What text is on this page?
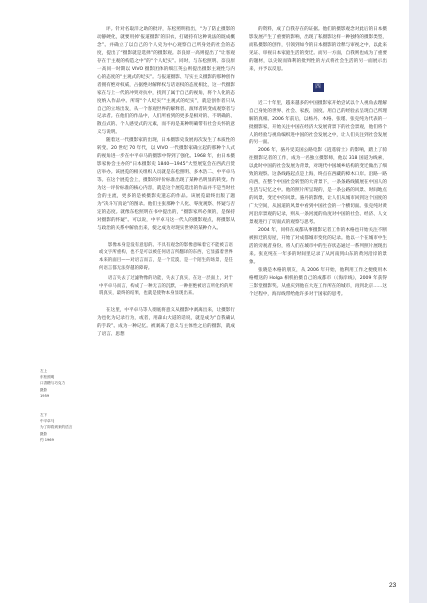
评。针对名取洋之助的批评，东松照明指出，“为了防止摄影的动静硬化，就要用掉‘报道摄影’的旧衣，打破持有这种说法的既成概念”。并确立了以自己的个人史为中心观察自己所身处的社会的态度，提出了“摄影就是选择”的摄影观。奈良原一高则提出了“让客观存在于主观的构造之中”的“个人纪实”。同时，与东松照明、奈良原一高同一时期以 VIVO 摄影团体的细江英公则提出摄影主观性与内心的态度的“主观式的纪实”。与报道摄影、写实主义摄影的那种创作者拥有绝对权威，占据绝对解释权与话语权的态度相比，这一代摄影家在与上一代的冲突对抗中，找到了属于自己的视角，将个人化的态度纳入作品中。所谓“个人纪实”“主观式的纪实”，就是创作者只从自己的立场出发，从一个客观世界的解释者、演绎者转变成观察者与记录者。在他们的作品中，人们所看到的更多是相对的、不明确的、散点式的、个人感受式的元素，而不再是某种明确带有社会关怀的意义与说明。

随着这一代摄影家的出现，日本摄影史发展再次发生了本质性的转变。20 世纪 70 年代，以 VIVO 一代摄影家确立起的那种个人式的视角进一步在中平卓马的摄影中得到了强化。1968 年，由日本摄影家协会主办的“日本摄影史 1840—1945”大型展览会在西武百货店举办。该展览的相关组织人员就是东松照明、多木浩二、中平卓马等。在这个展览会上，摄影的评价标准出现了某种名明显的转变。作为这一评价标准的核心内容，就是这个展览选出的作品并不是当时社会的主流，更多的是被摄影史遗忘的作品。该展览最终出版了题为“决斗写真论”的图录。他们主张那种个人化、零度观察、怀疑与否定的态度。就像东松照明在书中提出的，“摄影家所必须的，是保持对摄影的怀疑”。可以说，中平卓马这一代人的摄影观点，将摄影从与政治的关系中解放出来，使之成为对现实世界的某种介入。

影像本身是没有意思的。不具有观念的影像意味着它不能被言语或文字所重构，也不是可以被任何语言所翻译的东西，它显露着世界本来的面目——对语言而言，是一个荒漠，是一个陌生的场景，是任何语言都无法穿越的障碍。

语言失去了过滤物像的功能，失去了真实，在这一层面上，对于中平卓马而言，构成了一种无言的沉默，一种拒绝被语言所化约的所谓真实，最终的结果，也就是使物本身显现出来。

在这里，中平卓马等人彻底将意义从摄影中剥离出来，让摄影行为也化为记录行为，或者，用森山大道的话说，就是成为“自我确认的手段”。成为一种记忆。被剥离了意义与主体性之后的摄影，就成了语言、思想

左上
东松照明
口香糖与巧克力
摄影
1959
左下
中平卓马
为了即将到来的语言
摄影
约 1969

的资料，成了自我存在的证据。他们的摄影观念对此后的日本摄影发展产生了重要的影响，出现了私摄影这样一种独特的摄影类型，而私摄影的创作，引领到如今的日本摄影的诠释与审视之中，以此来见证、审视日本家庭生活的变迁。而另一方面，自我则也成为了重要的题材，以尖锐而锋利的批判性的方式将社会生活的另一面展示出来，并予以反思。

四

近二十年里，越来越多的中国摄影家开始尝试以个人视角去理解自己身处的世界、社会、家族、国度。用自己的经验去呈现自己所理解的真相。2006 年前后，以杨丹、木格、张瑾、张克纯为代表的一批摄影家，开始关注中国在经济大发展背景下的社会景观，他们将个人的经验与视角编织进中国的社会发展之中，让人们关注到社会发展的另一面。

2006 年，骆丹受美国公路电影《逍遥骑士》的影响，踏上了骑往摄影记者的工作，成为一名独立摄影师，他以 318 国道为线索，以此时中国的社会发展为背景，对现代中国城乡结构的变迁做出了细致的观察。这条线路起点是上海，终点在西藏的樟木口岸。沿路一路向西，在整个中国社会转型的大背景下，一条条路线铺展在中国人的生活与记忆之中。他的照片所呈现的，是一条公路的风景、时间地点的风景，变迁中的风景。骆丹的影像，让人们从城市回到这个国度的广大空间，从国道的风景中看到中国社会的一个横切面。张克纯对黄河沿岸景观的记录，则从一条河流的角度对中国的社会、经济、人文景观进行了切面式的观察与思考。

2004 年，同样在成都从事摄影记者工作的木格也开始关注不断被拆迁的房屋，开始了对成都城市变化的记录。他以一个在城市中生活的旁观者身份，将人们在城市中的生存状态通过一系列照片展现出来。张克纯在一年多的时间里记录了从河南到山东的黄河沿岸的景象。

张晓是木格的朋友，从 2006 年开始，他利用工作之便使用木格赠送的 Holga 相机拍摄自己的成都市（《海岸线》，2009 年获得三影堂摄影奖。从重庆到他在大连工作所在的城市，再到北京……这个过程中，海岸线带给他许多对于国家的思考。

23
